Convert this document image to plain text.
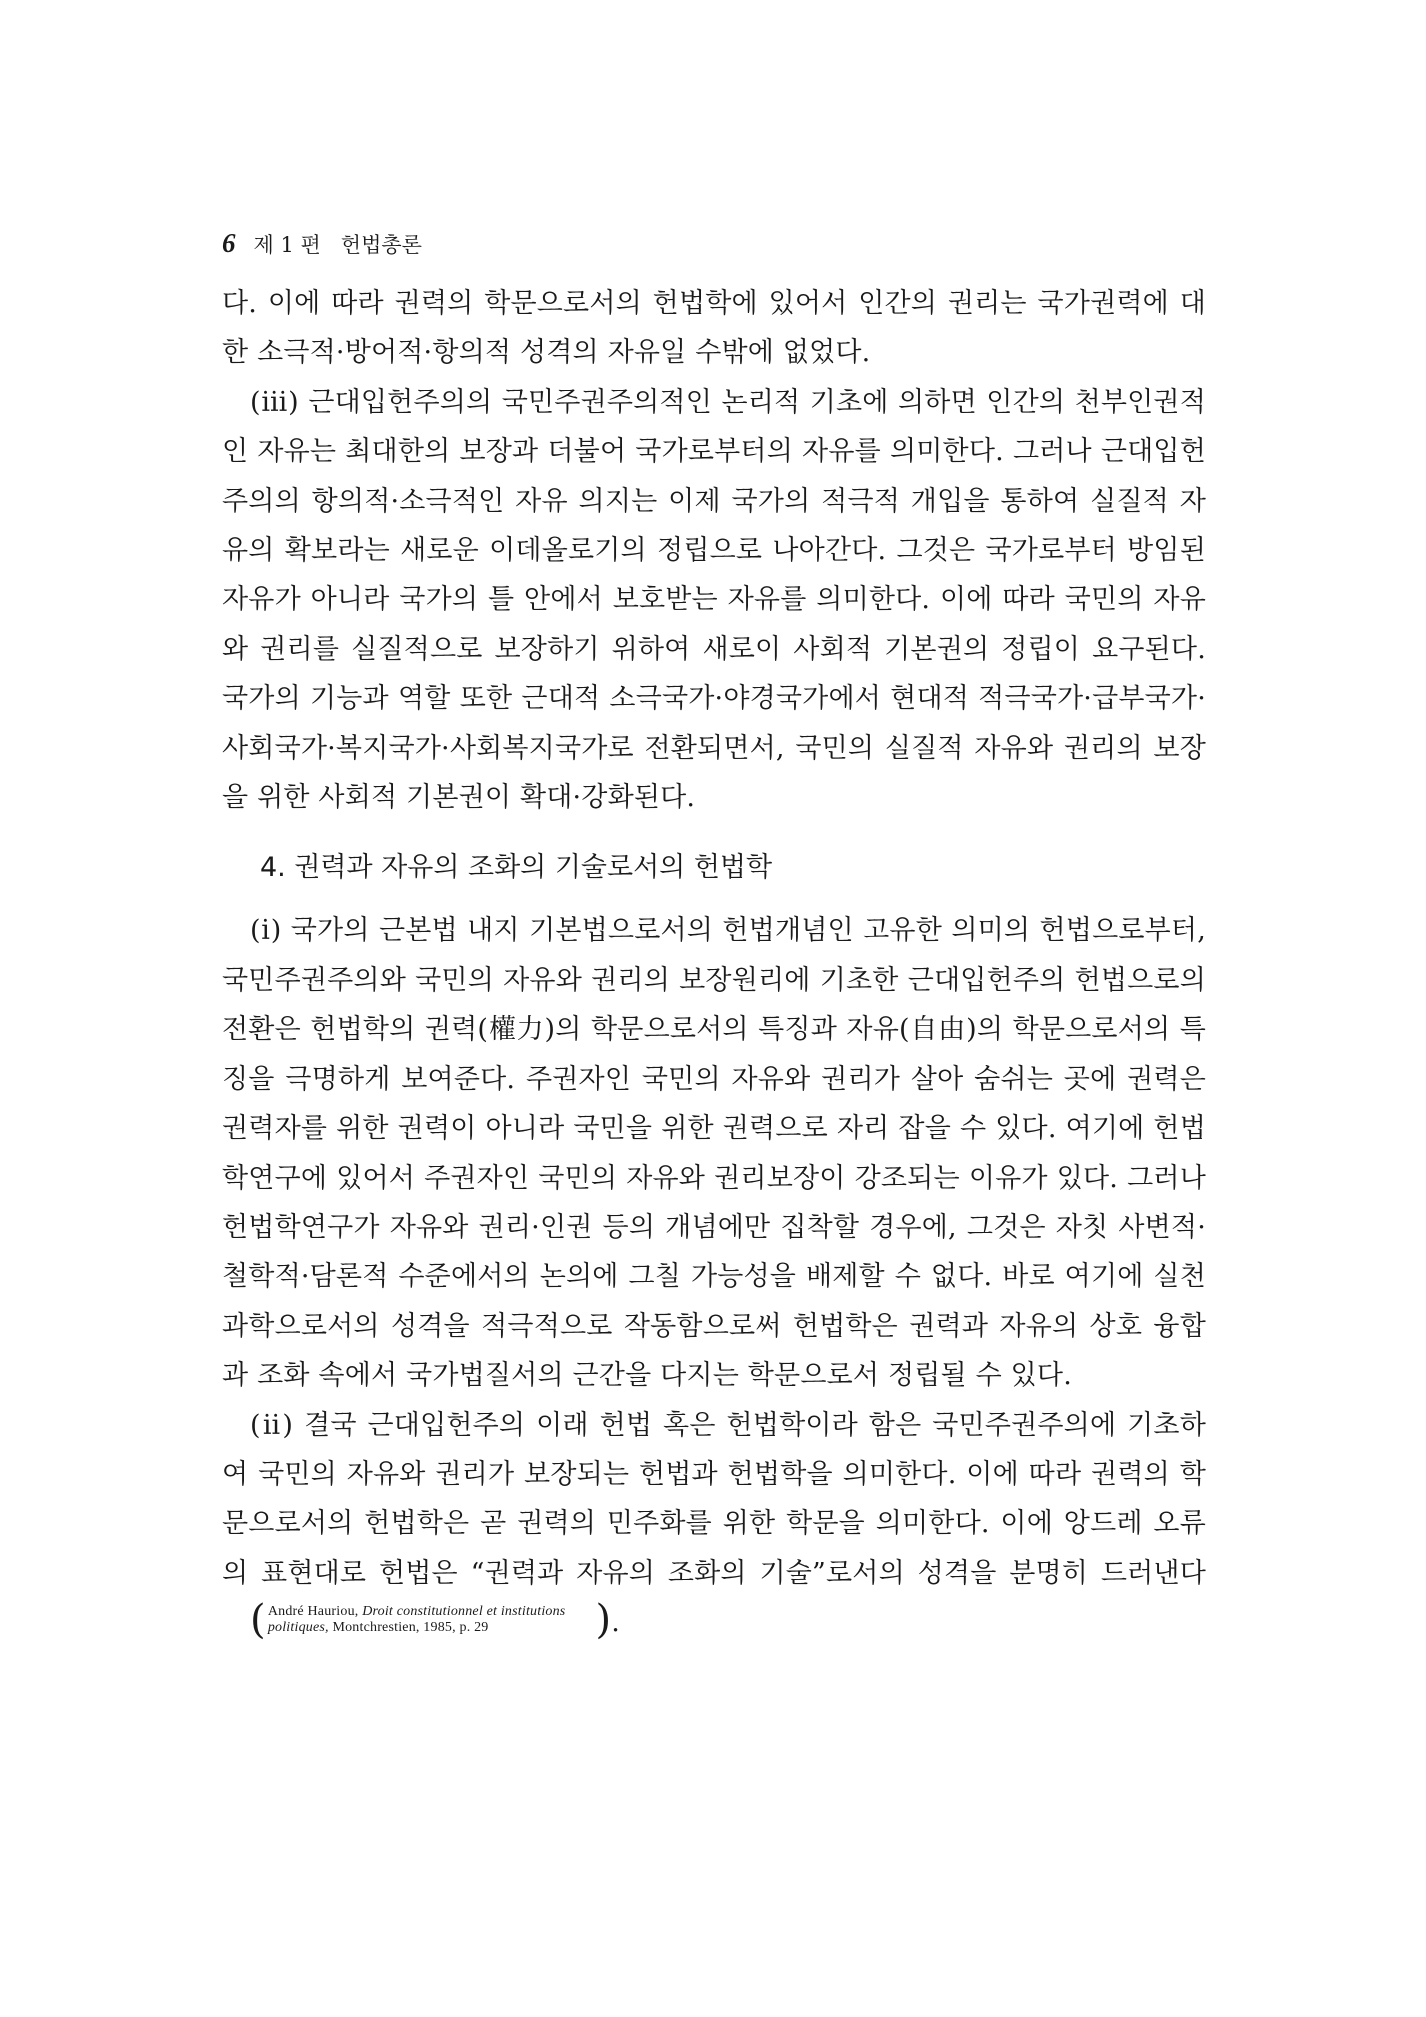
6 제 1 편 헌법총론

다. 이에 따라 권력의 학문으로서의 헌법학에 있어서 인간의 권리는 국가권력에 대한 소극적·방어적·항의적 성격의 자유일 수밖에 없었다.

(ⅲ) 근대입헌주의의 국민주권주의적인 논리적 기초에 의하면 인간의 천부인권적인 자유는 최대한의 보장과 더불어 국가로부터의 자유를 의미한다. 그러나 근대입헌주의의 항의적·소극적인 자유 의지는 이제 국가의 적극적 개입을 통하여 실질적 자유의 확보라는 새로운 이데올로기의 정립으로 나아간다. 그것은 국가로부터 방임된 자유가 아니라 국가의 틀 안에서 보호받는 자유를 의미한다. 이에 따라 국민의 자유와 권리를 실질적으로 보장하기 위하여 새로이 사회적 기본권의 정립이 요구된다. 국가의 기능과 역할 또한 근대적 소극국가·야경국가에서 현대적 적극국가·급부국가·사회국가·복지국가·사회복지국가로 전환되면서, 국민의 실질적 자유와 권리의 보장을 위한 사회적 기본권이 확대·강화된다.

4. 권력과 자유의 조화의 기술로서의 헌법학

(ⅰ) 국가의 근본법 내지 기본법으로서의 헌법개념인 고유한 의미의 헌법으로부터, 국민주권주의와 국민의 자유와 권리의 보장원리에 기초한 근대입헌주의 헌법으로의 전환은 헌법학의 권력(權力)의 학문으로서의 특징과 자유(自由)의 학문으로서의 특징을 극명하게 보여준다. 주권자인 국민의 자유와 권리가 살아 숨쉬는 곳에 권력은 권력자를 위한 권력이 아니라 국민을 위한 권력으로 자리 잡을 수 있다. 여기에 헌법학연구에 있어서 주권자인 국민의 자유와 권리보장이 강조되는 이유가 있다. 그러나 헌법학연구가 자유와 권리·인권 등의 개념에만 집착할 경우에, 그것은 자칫 사변적·철학적·담론적 수준에서의 논의에 그칠 가능성을 배제할 수 없다. 바로 여기에 실천과학으로서의 성격을 적극적으로 작동함으로써 헌법학은 권력과 자유의 상호 융합과 조화 속에서 국가법질서의 근간을 다지는 학문으로서 정립될 수 있다.

(ⅱ) 결국 근대입헌주의 이래 헌법 혹은 헌법학이라 함은 국민주권주의에 기초하여 국민의 자유와 권리가 보장되는 헌법과 헌법학을 의미한다. 이에 따라 권력의 학문으로서의 헌법학은 곧 권력의 민주화를 위한 학문을 의미한다. 이에 앙드레 오류의 표현대로 헌법은 “권력과 자유의 조화의 기술”로서의 성격을 분명히 드러낸다
( André Hauriou, Droit constitutionnel et institutions
politiques, Montchrestien, 1985, p. 29	) .
